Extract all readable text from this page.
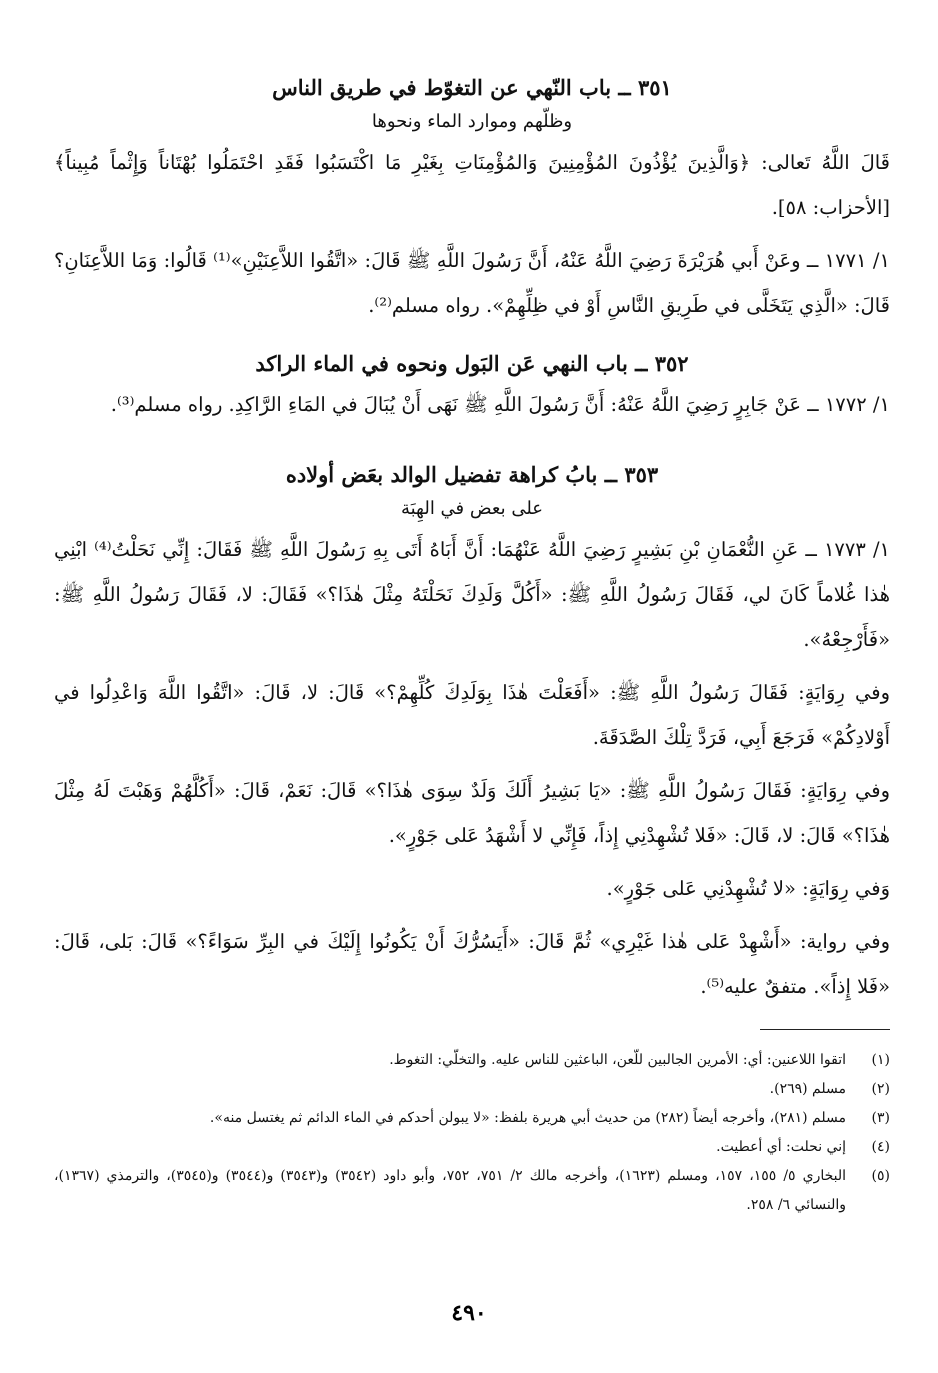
٣٥١ ــ باب النّهي عن التغوّط في طريق الناس

وظلّهم وموارد الماء ونحوها

قَالَ اللَّهُ تَعالى: ﴿وَالَّذِينَ يُؤْذُونَ المُؤْمِنِينَ وَالمُؤْمِنَاتِ بِغَيْرِ مَا اكْتَسَبُوا فَقَدِ احْتَمَلُوا بُهْتَاناً وَإِثْماً مُبِيناً﴾ [الأحزاب: ٥٨].

١/ ١٧٧١ ــ وعَنْ أَبي هُرَيْرَةَ رَضِيَ اللَّهُ عَنْهُ، أَنَّ رَسُولَ اللَّهِ ﷺ قَالَ: «اتَّقُوا اللاَّعِنَيْنِ»⁽¹⁾ قَالُوا: وَمَا اللاَّعِنَانِ؟ قَالَ: «الَّذِي يَتَخَلَّى في طَرِيقِ النَّاسِ أَوْ في ظِلِّهِمْ». رواه مسلم⁽²⁾.

٣٥٢ ــ باب النهي عَن البَول ونحوه في الماء الراكد

١/ ١٧٧٢ ــ عَنْ جَابِرٍ رَضِيَ اللَّهُ عَنْهُ: أَنَّ رَسُولَ اللَّهِ ﷺ نَهَى أَنْ يُبَالَ في المَاءِ الرَّاكِدِ. رواه مسلم⁽³⁾.

٣٥٣ ــ بابُ كراهة تفضيل الوالد بعَض أولاده

على بعض في الهِبَة

١/ ١٧٧٣ ــ عَنِ النُّعْمَانِ بْنِ بَشِيرٍ رَضِيَ اللَّهُ عَنْهُمَا: أَنَّ أَبَاهُ أَتَى بِهِ رَسُولَ اللَّهِ ﷺ فَقَالَ: إِنِّي نَحَلْتُ⁽⁴⁾ ابْنِي هٰذا غُلاماً كَانَ لي، فَقَالَ رَسُولُ اللَّهِ ﷺ: «أَكُلَّ وَلَدِكَ نَحَلْتَهُ مِثْلَ هٰذَا؟» فَقَالَ: لا، فَقَالَ رَسُولُ اللَّهِ ﷺ: «فَأَرْجِعْهُ».

وفي رِوَايَةٍ: فَقَالَ رَسُولُ اللَّهِ ﷺ: «أَفَعَلْتَ هٰذَا بِوَلَدِكَ كُلِّهِمْ؟» قَالَ: لا، قَالَ: «اتَّقُوا اللَّهَ وَاعْدِلُوا في أَوْلادِكُمْ» فَرَجَعَ أَبِي، فَرَدَّ تِلْكَ الصَّدَقَةَ.

وفي رِوَايَةٍ: فَقَالَ رَسُولُ اللَّهِ ﷺ: «يَا بَشِيرُ أَلَكَ وَلَدٌ سِوَى هٰذَا؟» قَالَ: نَعَمْ، قَالَ: «أَكُلَّهُمْ وَهَبْتَ لَهُ مِثْلَ هٰذَا؟» قَالَ: لا، قَالَ: «فَلا تُشْهِدْنِي إِذاً، فَإِنِّي لا أَشْهَدُ عَلى جَوْرٍ».

وَفي رِوَايَةٍ: «لا تُشْهِدْنِي عَلى جَوْرٍ».

وفي رواية: «أَشْهِدْ عَلى هٰذا غَيْرِي» ثُمَّ قَالَ: «أَيَسُرُّكَ أَنْ يَكُونُوا إِلَيْكَ في البِرِّ سَوَاءً؟» قَالَ: بَلى، قَالَ: «فَلا إِذاً». متفقٌ عليه⁽⁵⁾.

(١)
اتقوا اللاعنين: أي: الأمرين الجالبين للّعن، الباعثين للناس عليه. والتخلّي: التغوط.
(٢)
مسلم (٢٦٩).
(٣)
مسلم (٢٨١)، وأخرجه أيضاً (٢٨٢) من حديث أبي هريرة بلفظ: «لا يبولن أحدكم في الماء الدائم ثم يغتسل منه».
(٤)
إني نحلت: أي أعطيت.
(٥)
البخاري ٥/ ١٥٥، ١٥٧، ومسلم (١٦٢٣)، وأخرجه مالك ٢/ ٧٥١، ٧٥٢، وأبو داود (٣٥٤٢) و(٣٥٤٣) و(٣٥٤٤) و(٣٥٤٥)، والترمذي (١٣٦٧)، والنسائي ٦/ ٢٥٨.
٤٩٠
